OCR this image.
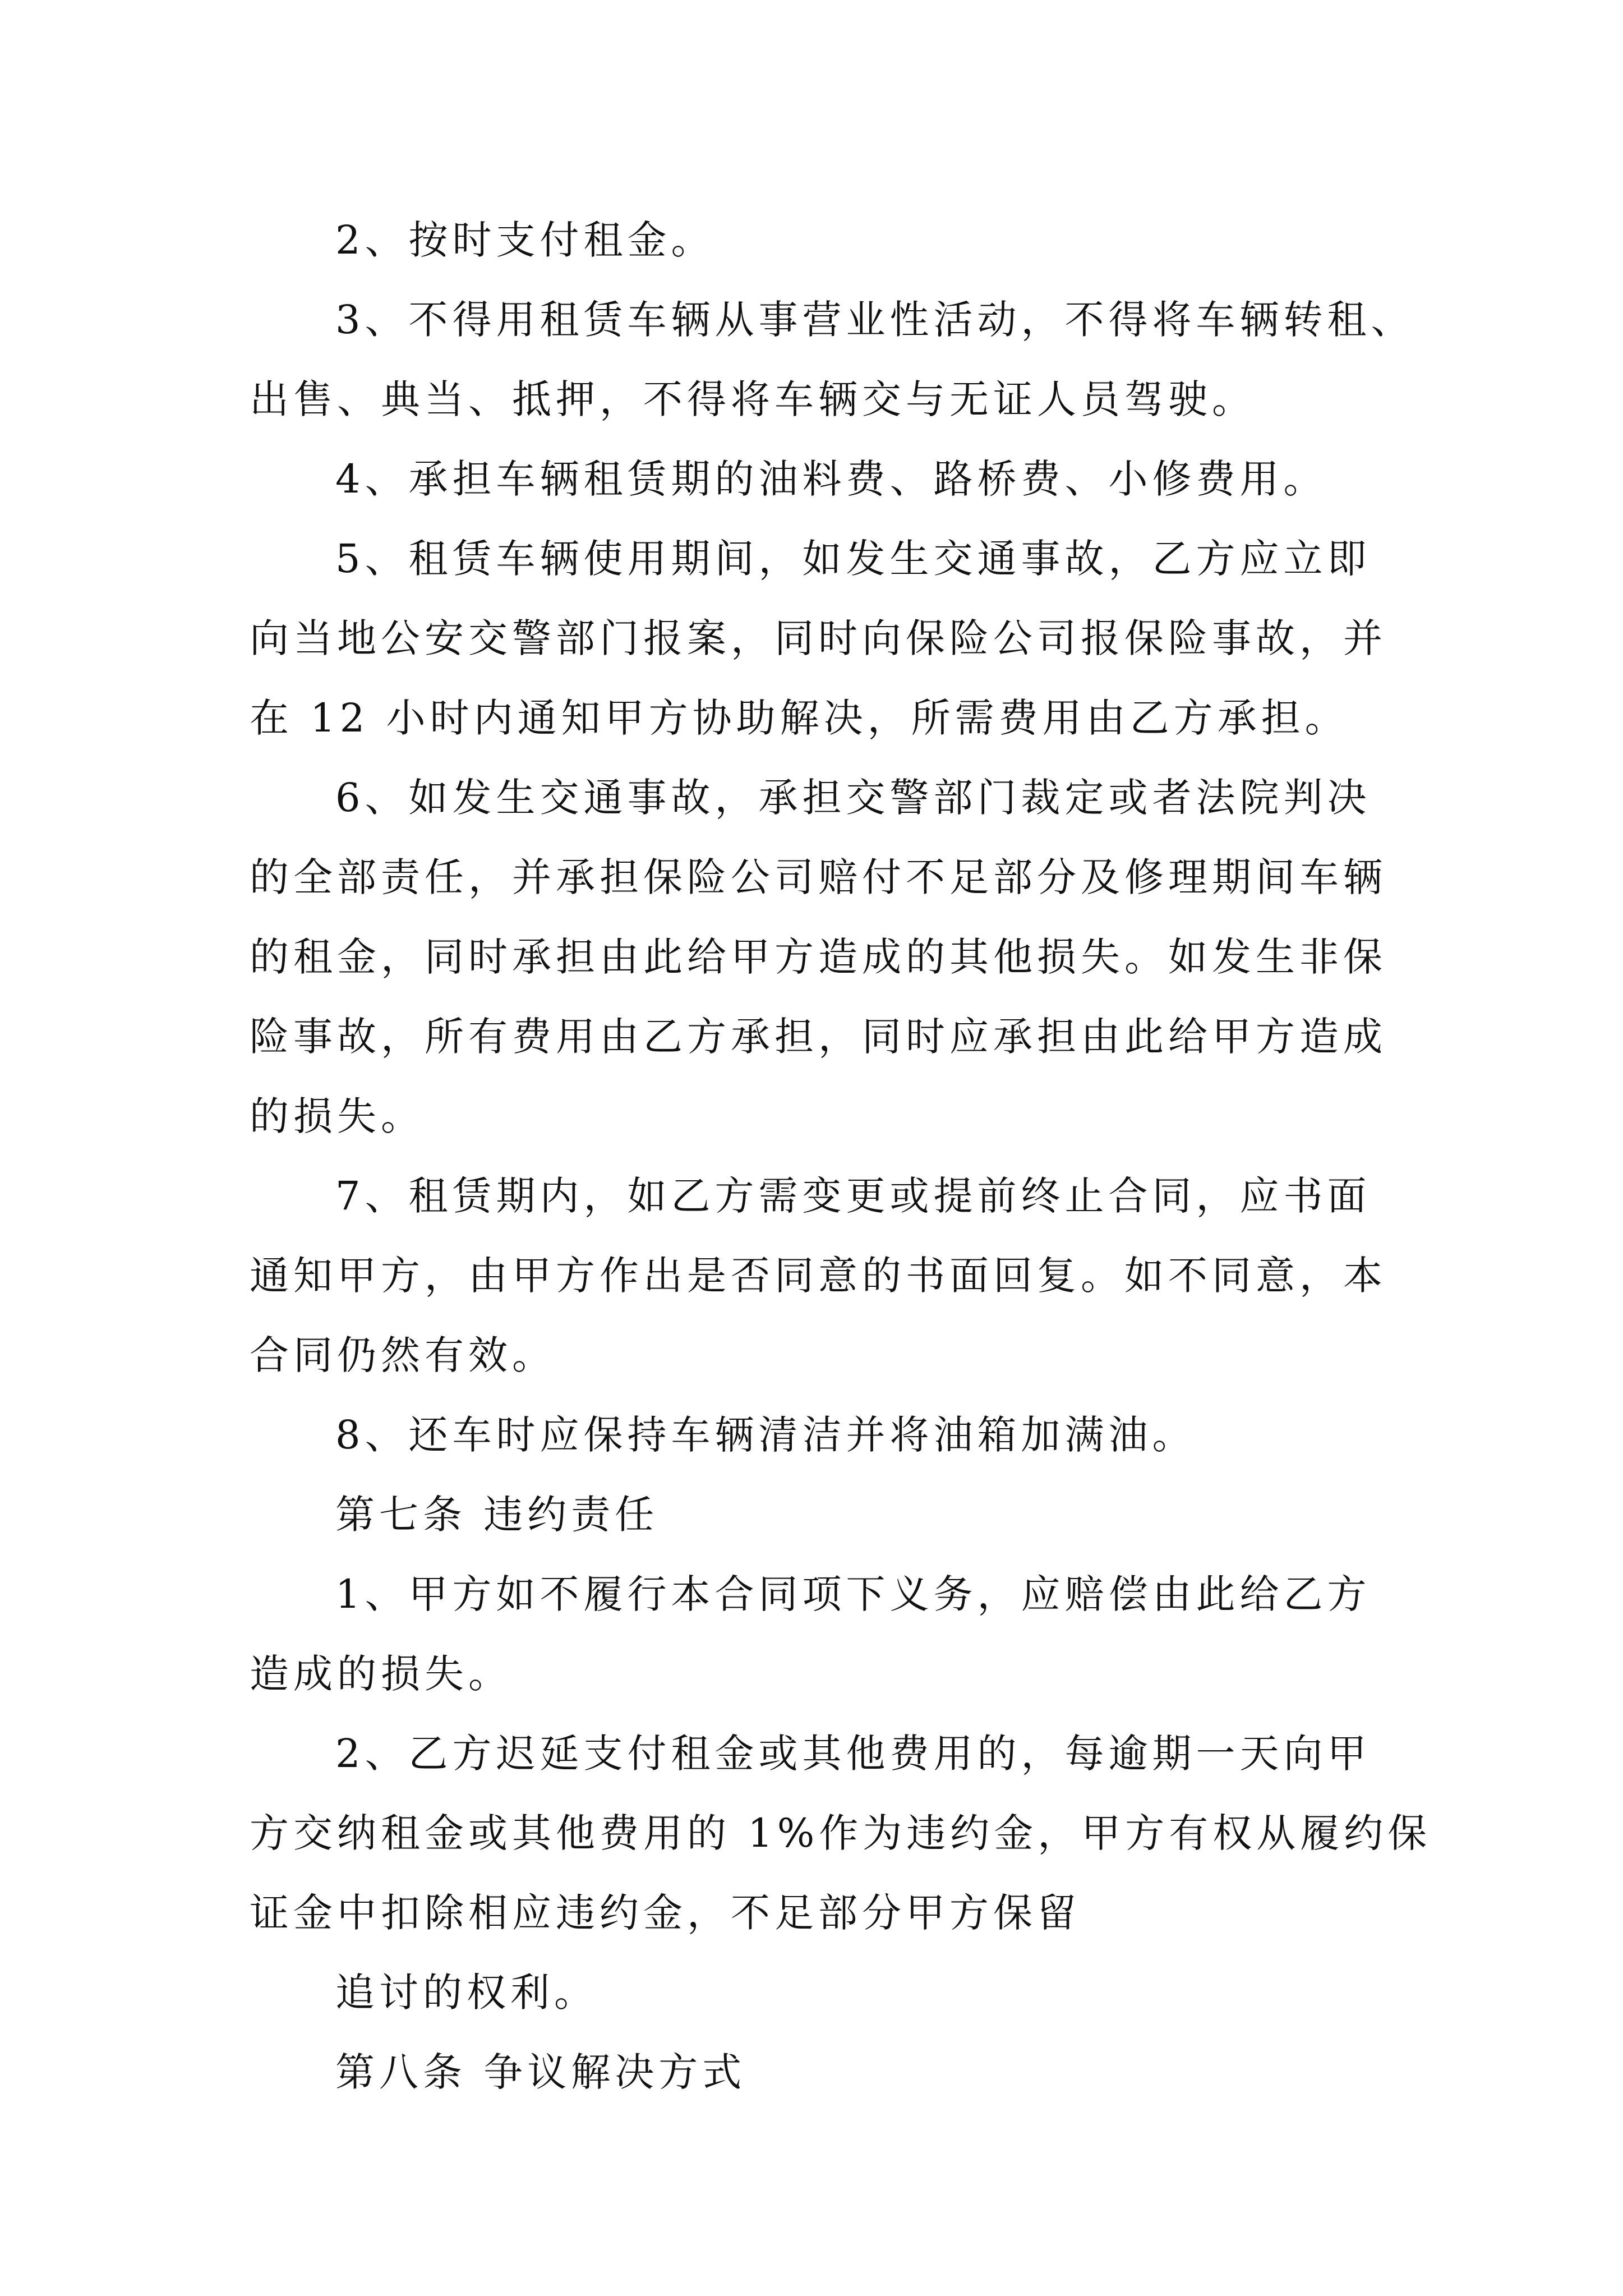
2、按时支付租金。

3、不得用租赁车辆从事营业性活动，不得将车辆转租、

出售、典当、抵押，不得将车辆交与无证人员驾驶。

4、承担车辆租赁期的油料费、路桥费、小修费用。

5、租赁车辆使用期间，如发生交通事故，乙方应立即

向当地公安交警部门报案，同时向保险公司报保险事故，并

在 12 小时内通知甲方协助解决，所需费用由乙方承担。

6、如发生交通事故，承担交警部门裁定或者法院判决

的全部责任，并承担保险公司赔付不足部分及修理期间车辆

的租金，同时承担由此给甲方造成的其他损失。如发生非保

险事故，所有费用由乙方承担，同时应承担由此给甲方造成

的损失。

7、租赁期内，如乙方需变更或提前终止合同，应书面

通知甲方，由甲方作出是否同意的书面回复。如不同意，本

合同仍然有效。

8、还车时应保持车辆清洁并将油箱加满油。

第七条 违约责任

1、甲方如不履行本合同项下义务，应赔偿由此给乙方

造成的损失。

2、乙方迟延支付租金或其他费用的，每逾期一天向甲

方交纳租金或其他费用的 1%作为违约金，甲方有权从履约保

证金中扣除相应违约金，不足部分甲方保留

追讨的权利。

第八条 争议解决方式
